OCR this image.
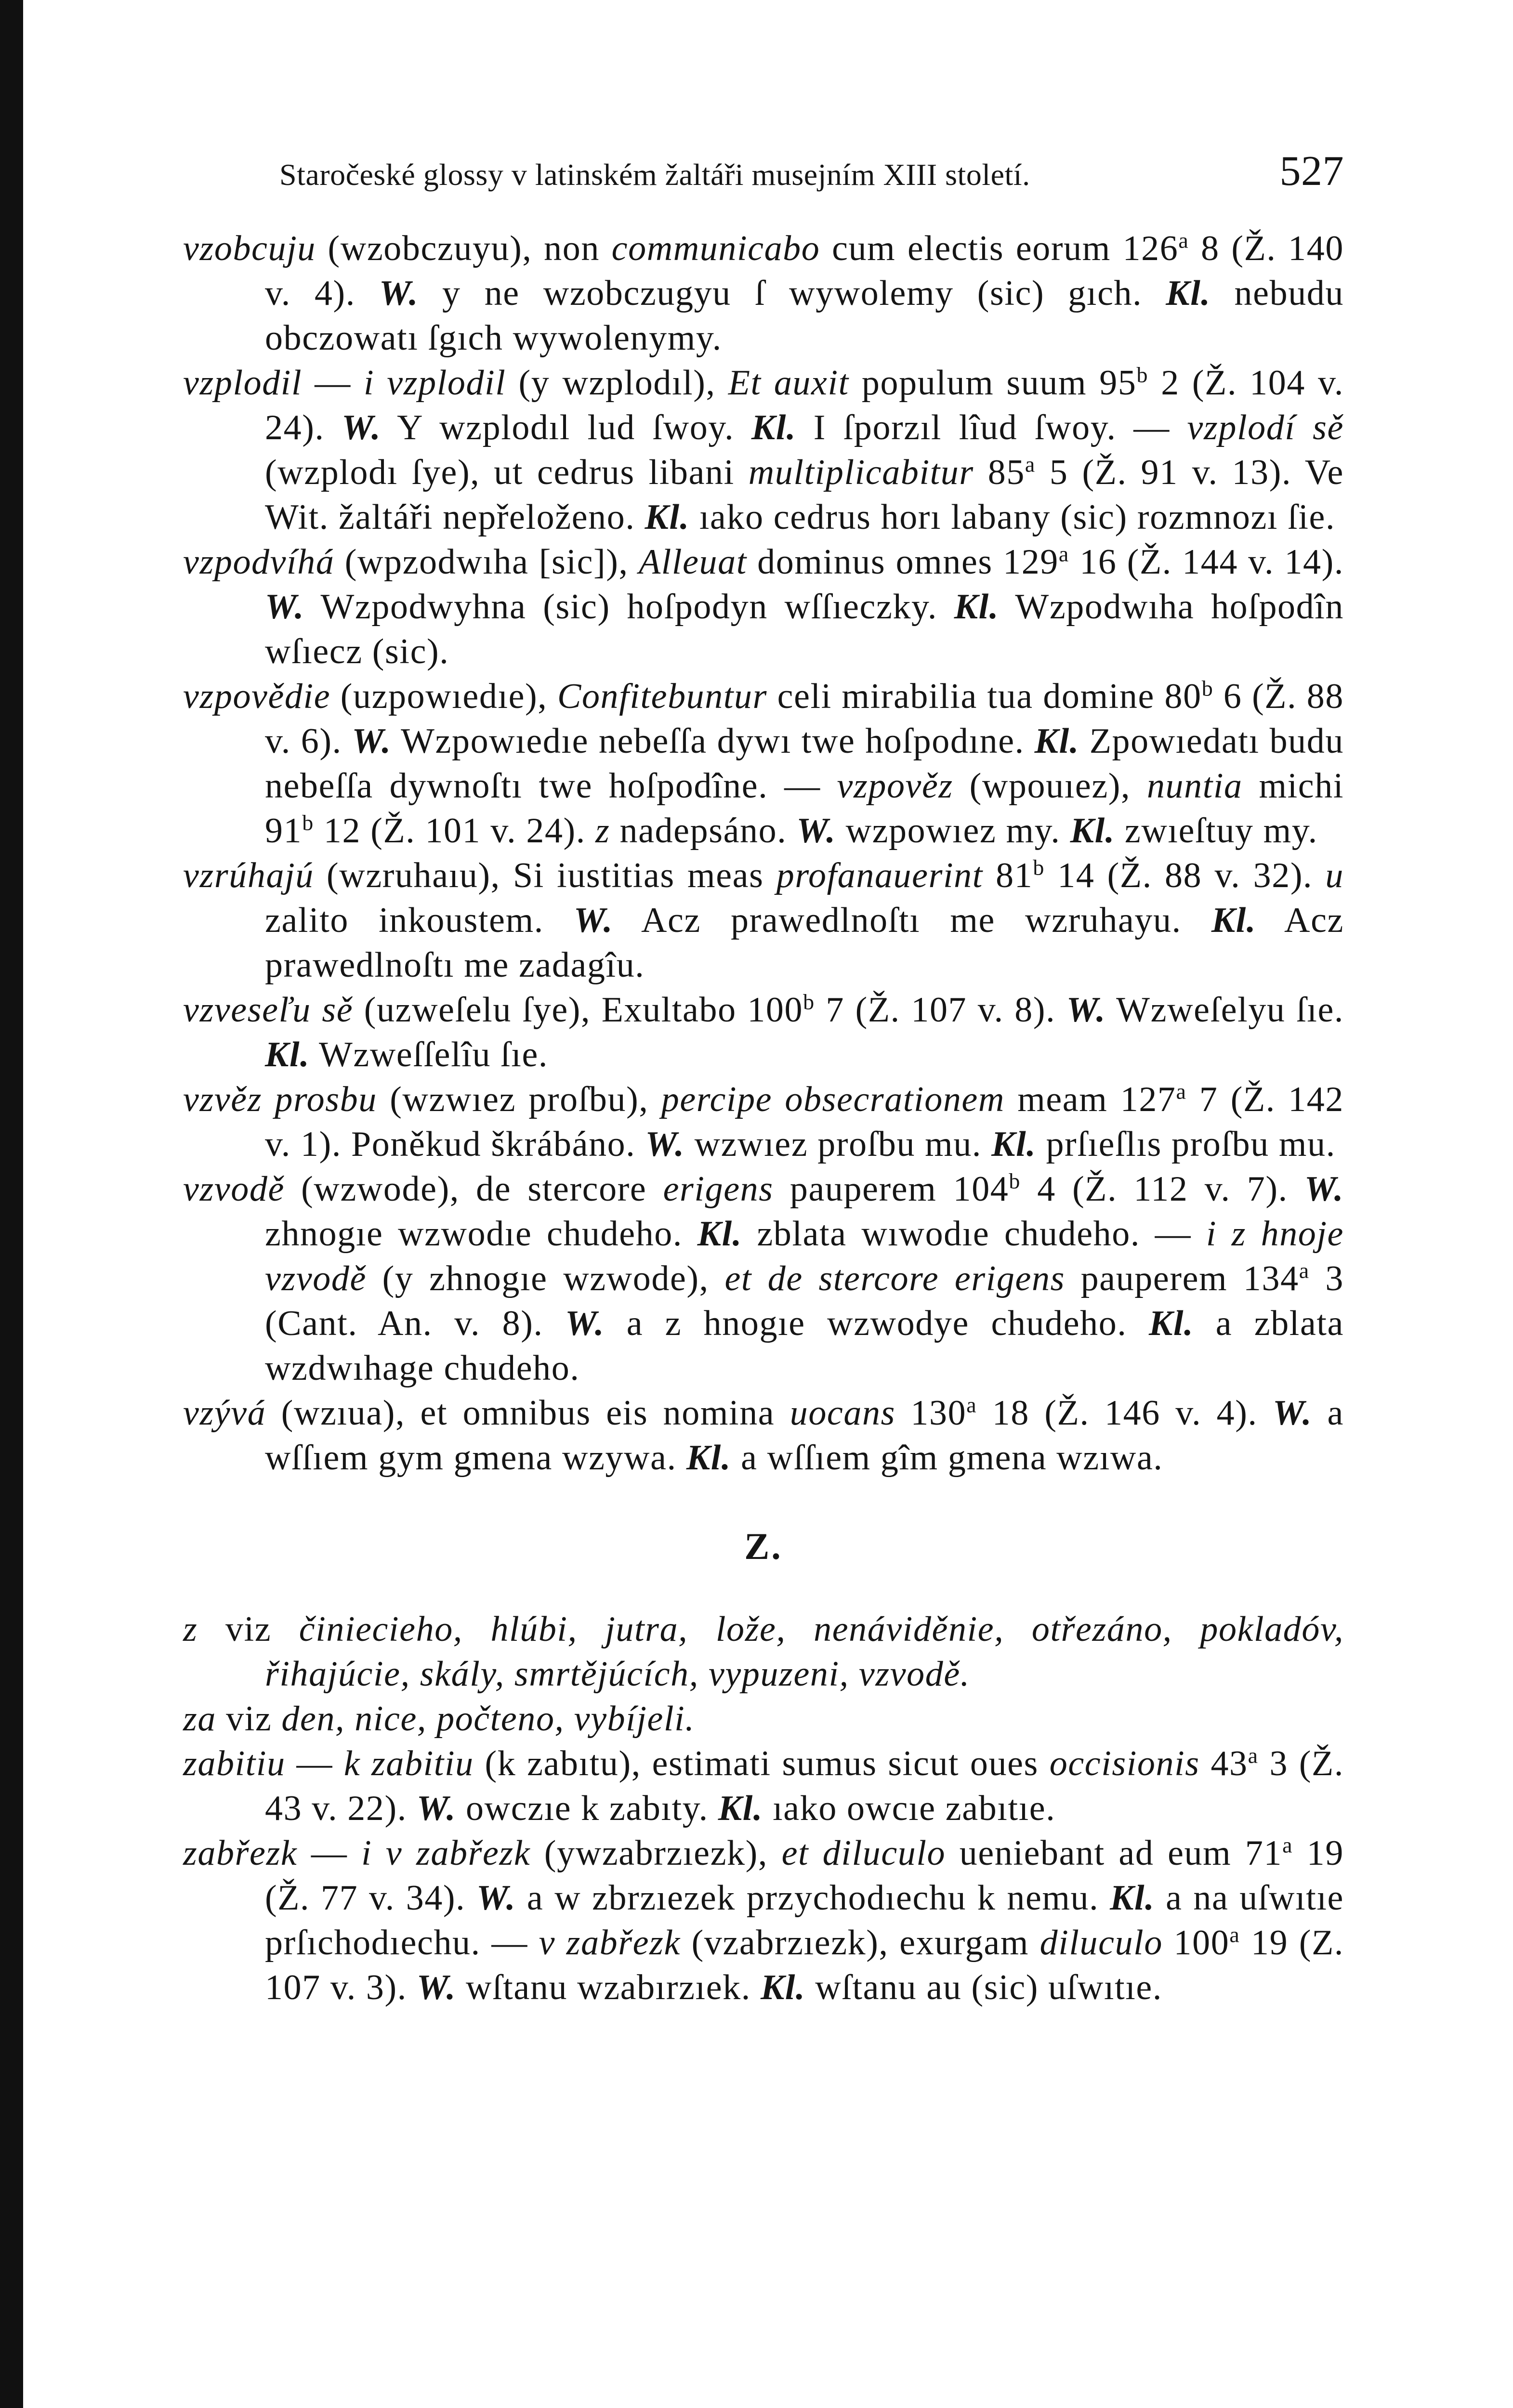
Staročeské glossy v latinském žaltáři musejním XIII století.	527

vzobcuju (wzobczuyu), non communicabo cum electis eorum 126$^a$ 8 (Ž. 140 v. 4). W. y ne wzobczugyu ſ wywolemy (sic) gıch. Kl. nebudu obczowatı ſgıch wywolenymy.

vzplodil — i vzplodil (y wzplodıl), Et auxit populum suum 95$^b$ 2 (Ž. 104 v. 24). W. Y wzplodıl lud ſwoy. Kl. I ſporzıl lîud ſwoy. — vzplodí sě (wzplodı ſye), ut cedrus libani multiplicabitur 85$^a$ 5 (Ž. 91 v. 13). Ve Wit. žaltáři nepřeloženo. Kl. ıako cedrus horı labany (sic) rozmnozı ſie.

vzpodvíhá (wpzodwıha [sic]), Alleuat dominus omnes 129$^a$ 16 (Ž. 144 v. 14). W. Wzpodwyhna (sic) hoſpodyn wſſıeczky. Kl. Wzpodwıha hoſpodîn wſıecz (sic).

vzpovědie (uzpowıedıe), Confitebuntur celi mirabilia tua domine 80$^b$ 6 (Ž. 88 v. 6). W. Wzpowıedıe nebeſſa dywı twe hoſpodıne. Kl. Zpowıedatı budu nebeſſa dywnoſtı twe hoſpodîne. — vzpověz (wpouıez), nuntia michi 91$^b$ 12 (Ž. 101 v. 24). z nadepsáno. W. wzpowıez my. Kl. zwıeſtuy my.

vzrúhajú (wzruhaıu), Si iustitias meas profanauerint 81$^b$ 14 (Ž. 88 v. 32). u zalito inkoustem. W. Acz prawedlnoſtı me wzruhayu. Kl. Acz prawedlnoſtı me zadagîu.

vzveseľu sě (uzweſelu ſye), Exultabo 100$^b$ 7 (Ž. 107 v. 8). W. Wzweſelyu ſıe. Kl. Wzweſſelîu ſıe.

vzvěz prosbu (wzwıez proſbu), percipe obsecrationem meam 127$^a$ 7 (Ž. 142 v. 1). Poněkud škrábáno. W. wzwıez proſbu mu. Kl. prſıeſlıs proſbu mu.

vzvodě (wzwode), de stercore erigens pauperem 104$^b$ 4 (Ž. 112 v. 7). W. zhnogıe wzwodıe chudeho. Kl. zblata wıwodıe chudeho. — i z hnoje vzvodě (y zhnogıe wzwode), et de stercore erigens pauperem 134$^a$ 3 (Cant. An. v. 8). W. a z hnogıe wzwodye chudeho. Kl. a zblata wzdwıhage chudeho.

vzývá (wzıua), et omnibus eis nomina uocans 130$^a$ 18 (Ž. 146 v. 4). W. a wſſıem gym gmena wzywa. Kl. a wſſıem gîm gmena wzıwa.

Z.

z viz činiecieho, hlúbi, jutra, lože, nenáviděnie, otřezáno, pokladóv, řihajúcie, skály, smrtějúcích, vypuzeni, vzvodě.

za viz den, nice, počteno, vybíjeli.

zabitiu — k zabitiu (k zabıtu), estimati sumus sicut oues occisionis 43$^a$ 3 (Ž. 43 v. 22). W. owczıe k zabıty. Kl. ıako owcıe zabıtıe.

zabřezk — i v zabřezk (ywzabrzıezk), et diluculo ueniebant ad eum 71$^a$ 19 (Ž. 77 v. 34). W. a w zbrzıezek przychodıechu k nemu. Kl. a na uſwıtıe prſıchodıechu. — v zabřezk (vzabrzıezk), exurgam diluculo 100$^a$ 19 (Z. 107 v. 3). W. wſtanu wzabırzıek. Kl. wſtanu au (sic) uſwıtıe.
